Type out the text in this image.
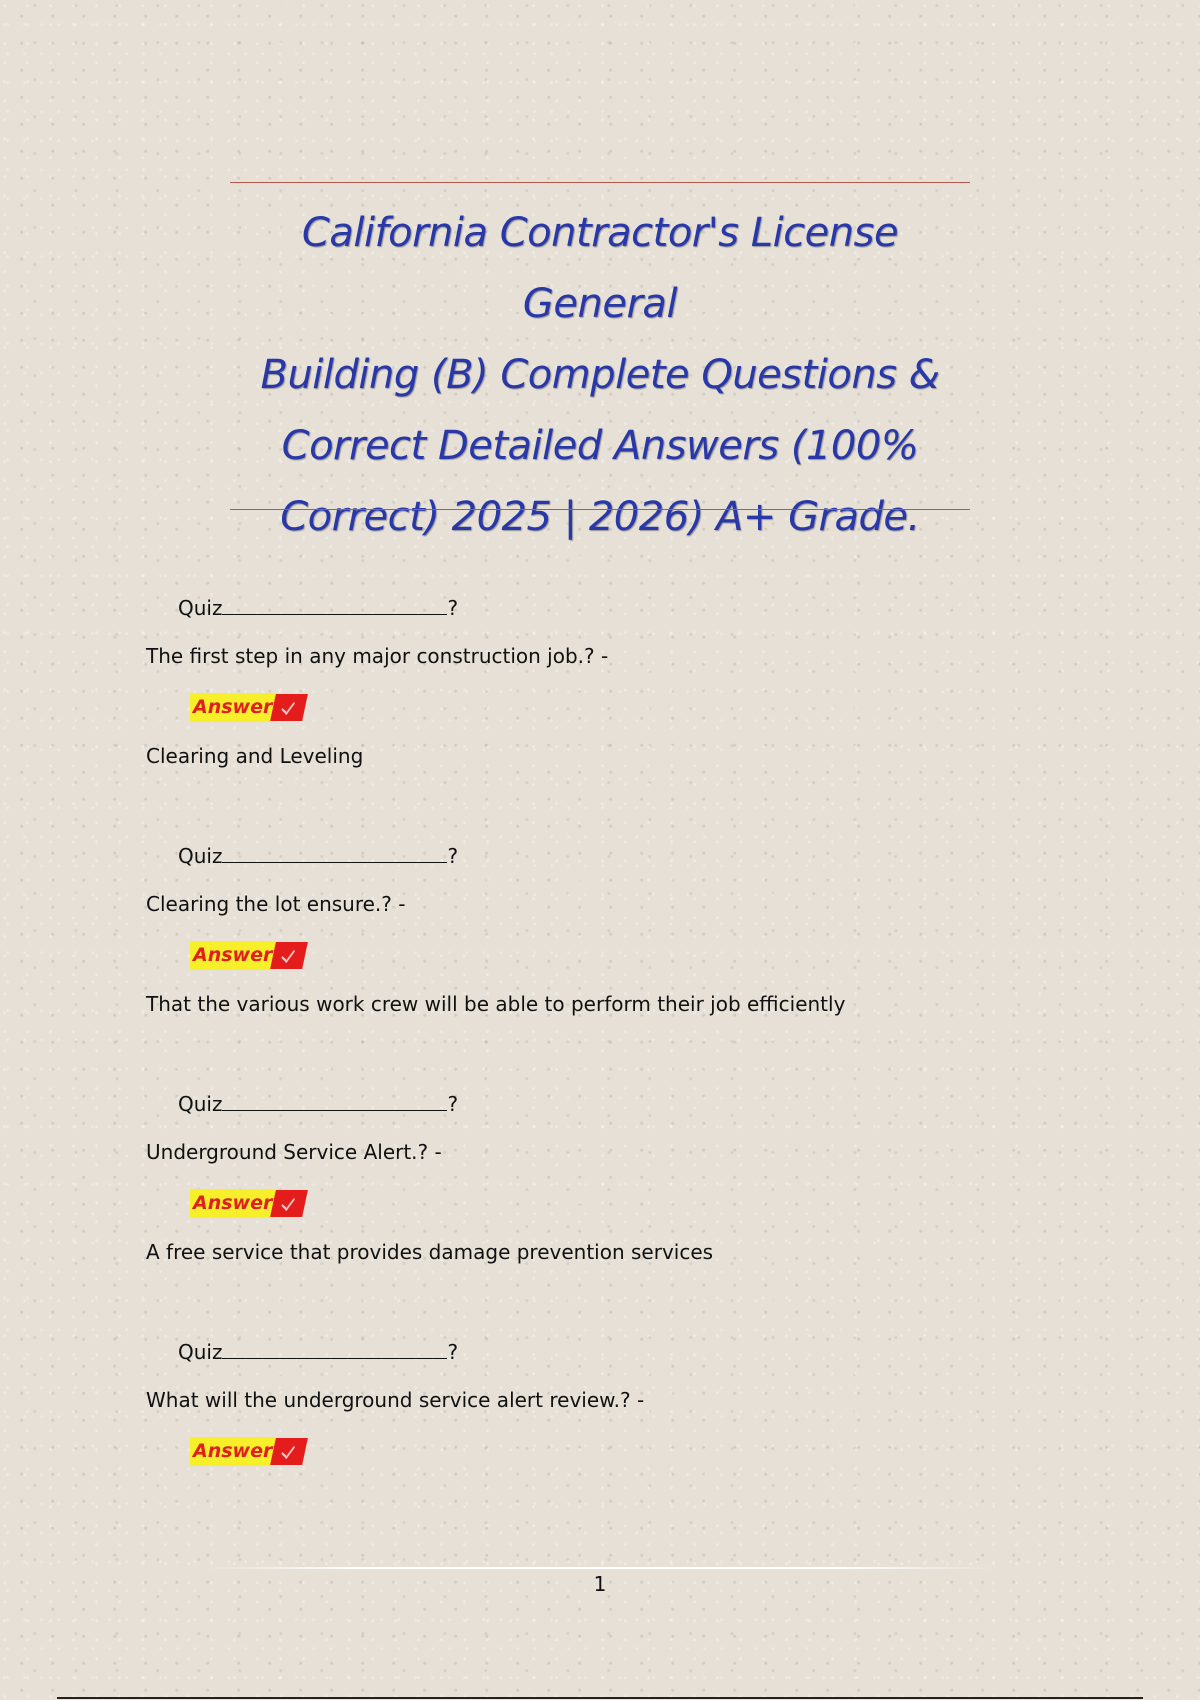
California Contractor's License General
Building (B) Complete Questions &
Correct Detailed Answers (100%
Correct) 2025 | 2026) A+ Grade.
Quiz	?
The first step in any major construction job.? -
Answer
Clearing and Leveling
Quiz	?
Clearing the lot ensure.? -
Answer
That the various work crew will be able to perform their job efficiently
Quiz	?
Underground Service Alert.? -
Answer
A free service that provides damage prevention services
Quiz	?
What will the underground service alert review.? -
Answer
1
